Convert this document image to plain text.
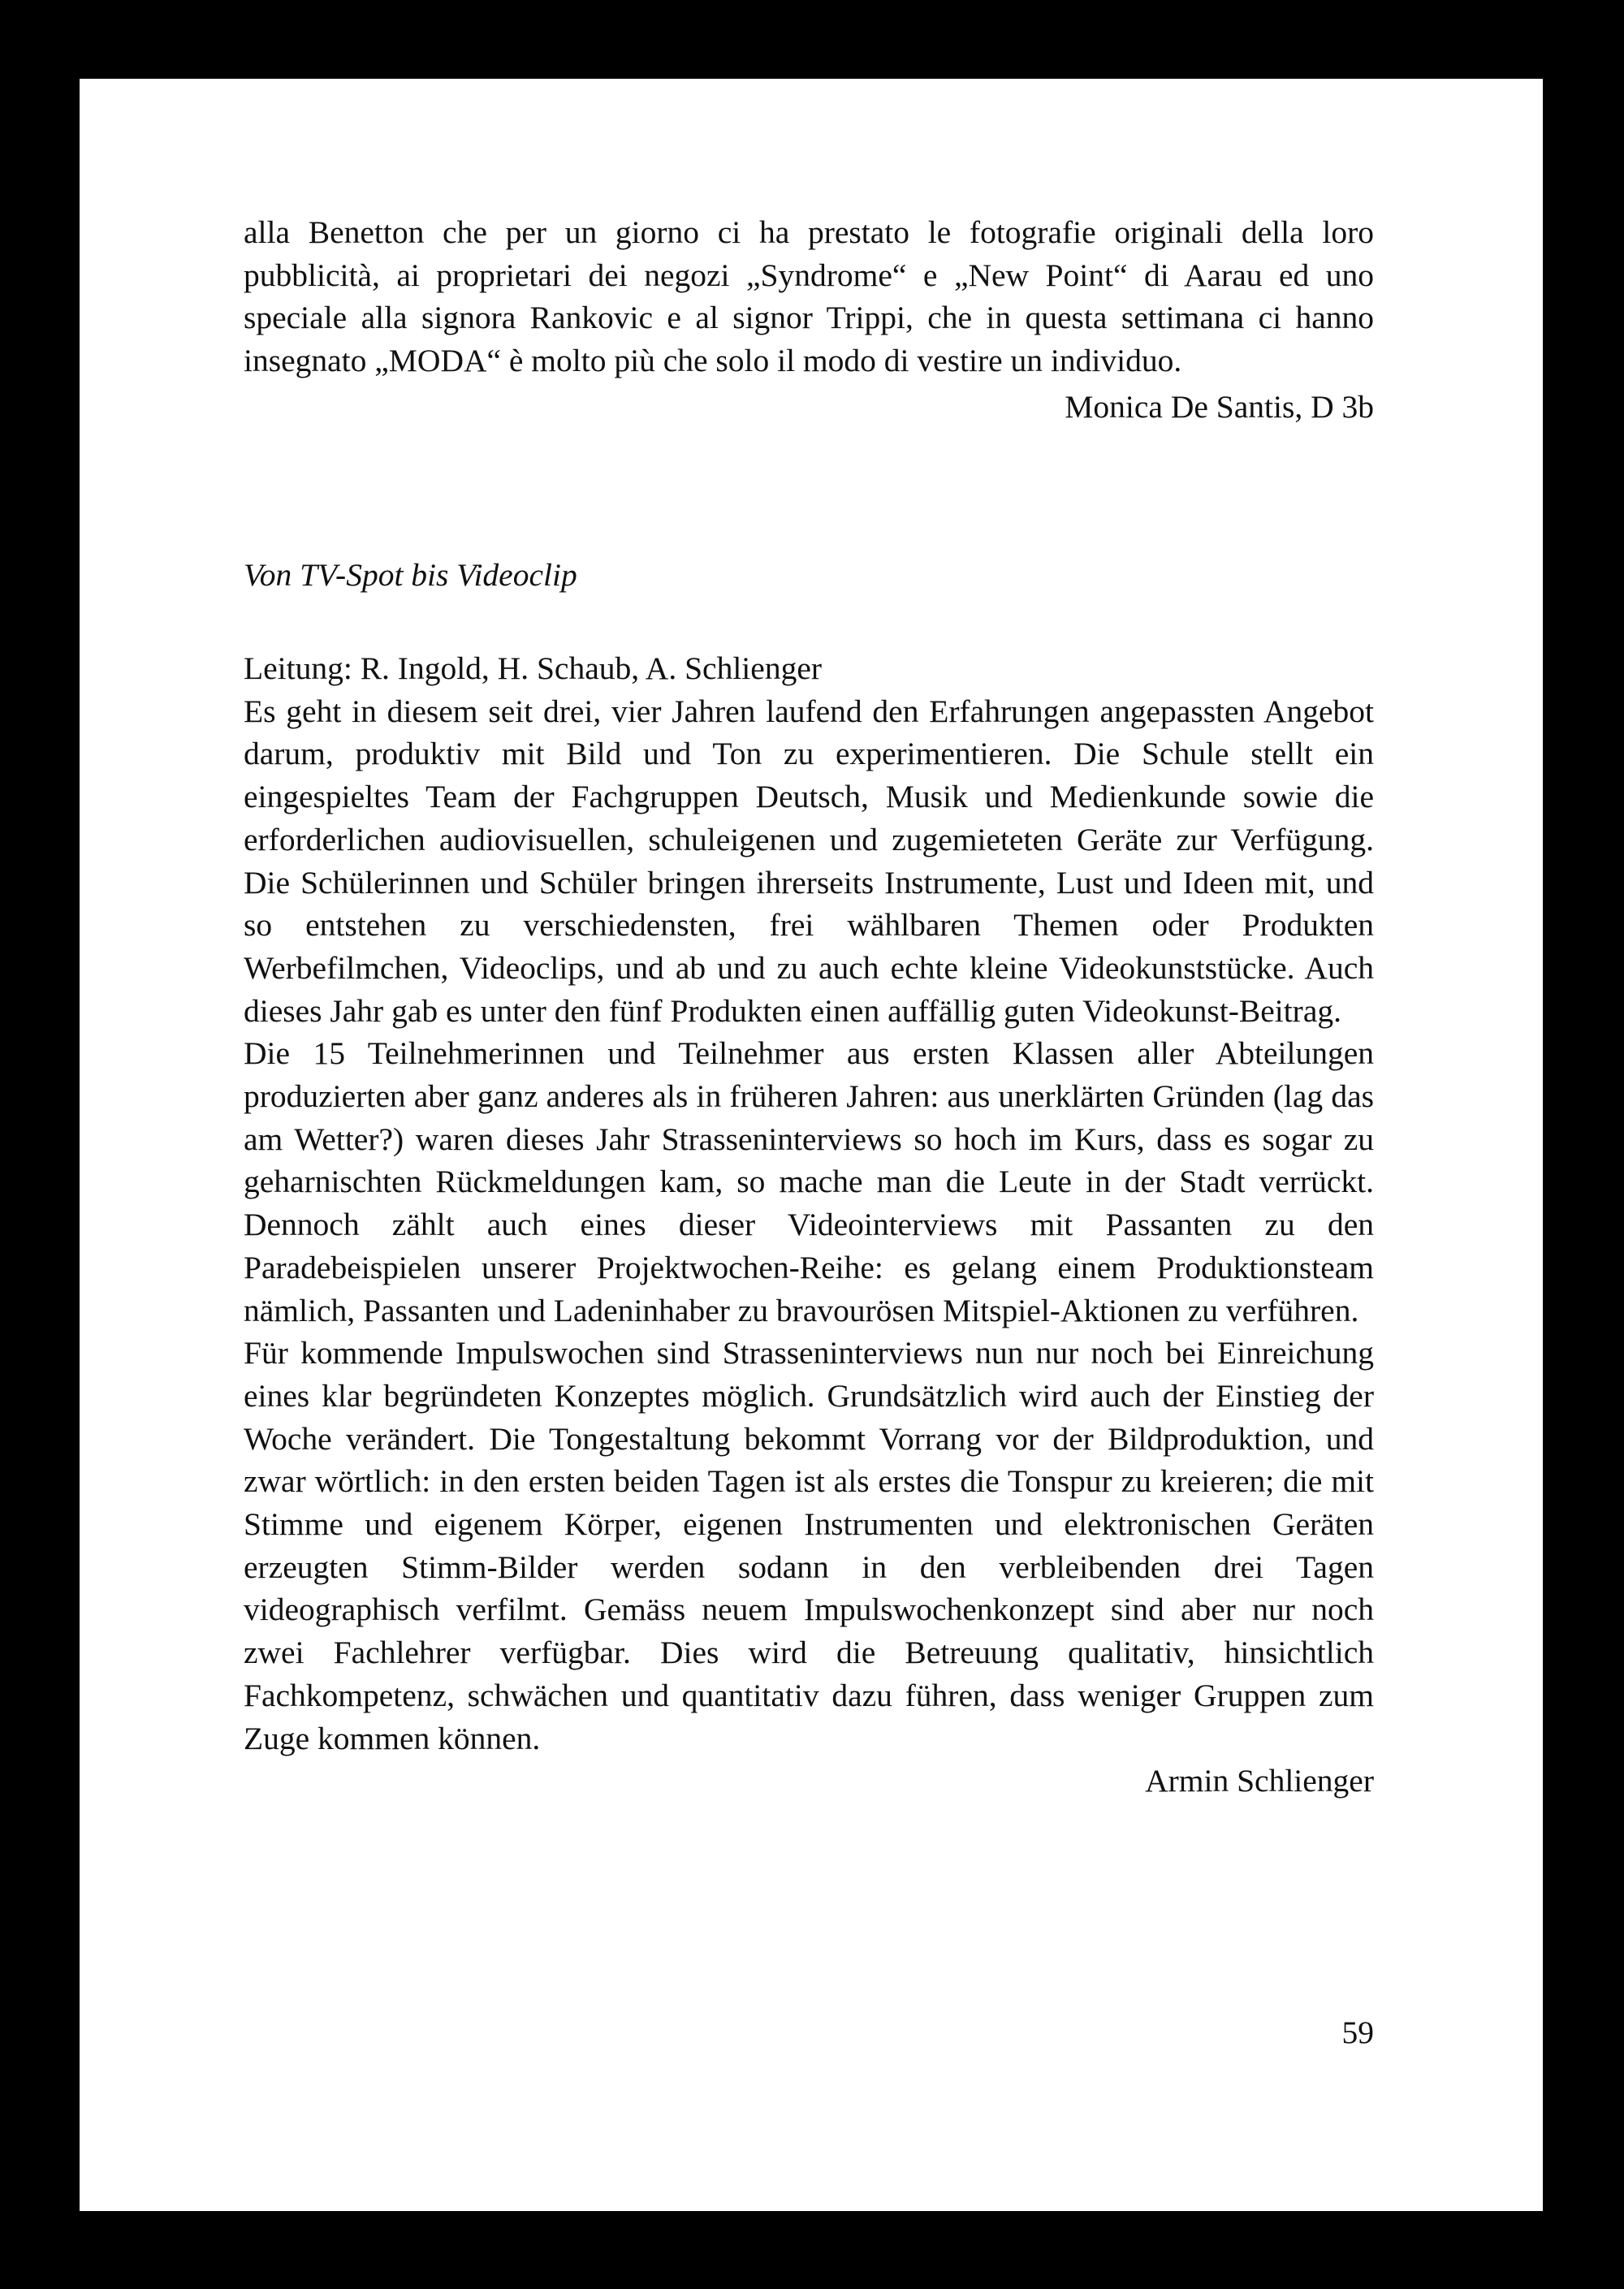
alla Benetton che per un giorno ci ha prestato le fotografie originali della loro pubblicità, ai proprietari dei negozi „Syndrome“ e „New Point“ di Aarau ed uno speciale alla signora Rankovic e al signor Trippi, che in questa settimana ci hanno insegnato „MODA“ è molto più che solo il modo di vestire un individuo.

Monica De Santis, D 3b

Von TV-Spot bis Videoclip

Leitung: R. Ingold, H. Schaub, A. Schlienger

Es geht in diesem seit drei, vier Jahren laufend den Erfahrungen angepassten Angebot darum, produktiv mit Bild und Ton zu experimentieren. Die Schule stellt ein eingespieltes Team der Fachgruppen Deutsch, Musik und Medienkunde sowie die erforderlichen audiovisuellen, schuleigenen und zugemieteten Geräte zur Verfügung. Die Schülerinnen und Schüler bringen ihrerseits Instrumente, Lust und Ideen mit, und so entstehen zu verschiedensten, frei wählbaren Themen oder Produkten Werbefilmchen, Videoclips, und ab und zu auch echte kleine Videokunststücke. Auch dieses Jahr gab es unter den fünf Produkten einen auffällig guten Videokunst-Beitrag.

Die 15 Teilnehmerinnen und Teilnehmer aus ersten Klassen aller Abteilungen produzierten aber ganz anderes als in früheren Jahren: aus unerklärten Gründen (lag das am Wetter?) waren dieses Jahr Strasseninterviews so hoch im Kurs, dass es sogar zu geharnischten Rückmeldungen kam, so mache man die Leute in der Stadt verrückt. Dennoch zählt auch eines dieser Videointerviews mit Passanten zu den Paradebeispielen unserer Projektwochen-Reihe: es gelang einem Produktionsteam nämlich, Passanten und Ladeninhaber zu bravourösen Mitspiel-Aktionen zu verführen.

Für kommende Impulswochen sind Strasseninterviews nun nur noch bei Einreichung eines klar begründeten Konzeptes möglich. Grundsätzlich wird auch der Einstieg der Woche verändert. Die Tongestaltung bekommt Vorrang vor der Bildproduktion, und zwar wörtlich: in den ersten beiden Tagen ist als erstes die Tonspur zu kreieren; die mit Stimme und eigenem Körper, eigenen Instrumenten und elektronischen Geräten erzeugten Stimm-Bilder werden sodann in den verbleibenden drei Tagen videographisch verfilmt. Gemäss neuem Impulswochenkonzept sind aber nur noch zwei Fachlehrer verfügbar. Dies wird die Betreuung qualitativ, hinsichtlich Fachkompetenz, schwächen und quantitativ dazu führen, dass weniger Gruppen zum Zuge kommen können.

Armin Schlienger

59
